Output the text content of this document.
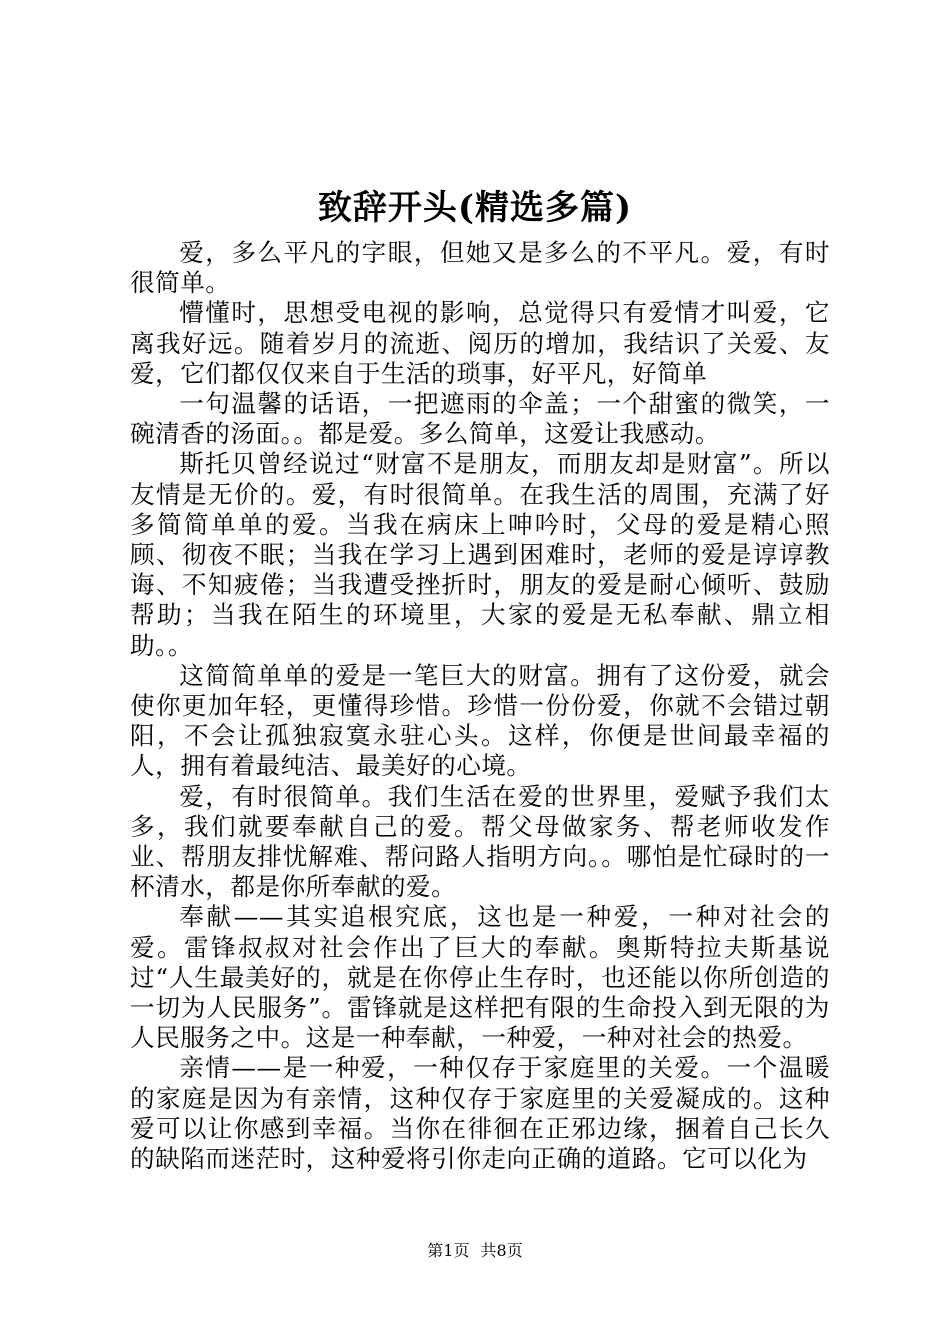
致辞开头(精选多篇)

爱，多么平凡的字眼，但她又是多么的不平凡。爱，有时很简单。

懵懂时，思想受电视的影响，总觉得只有爱情才叫爱，它离我好远。随着岁月的流逝、阅历的增加，我结识了关爱、友爱，它们都仅仅来自于生活的琐事，好平凡，好简单

一句温馨的话语，一把遮雨的伞盖；一个甜蜜的微笑，一碗清香的汤面。。都是爱。多么简单，这爱让我感动。

斯托贝曾经说过“财富不是朋友，而朋友却是财富”。所以友情是无价的。爱，有时很简单。在我生活的周围，充满了好多简简单单的爱。当我在病床上呻吟时，父母的爱是精心照顾、彻夜不眠；当我在学习上遇到困难时，老师的爱是谆谆教诲、不知疲倦；当我遭受挫折时，朋友的爱是耐心倾听、鼓励帮助；当我在陌生的环境里，大家的爱是无私奉献、鼎立相助。。

这简简单单的爱是一笔巨大的财富。拥有了这份爱，就会使你更加年轻，更懂得珍惜。珍惜一份份爱，你就不会错过朝阳，不会让孤独寂寞永驻心头。这样，你便是世间最幸福的人，拥有着最纯洁、最美好的心境。

爱，有时很简单。我们生活在爱的世界里，爱赋予我们太多，我们就要奉献自己的爱。帮父母做家务、帮老师收发作业、帮朋友排忧解难、帮问路人指明方向。。哪怕是忙碌时的一杯清水，都是你所奉献的爱。

奉献——其实追根究底，这也是一种爱，一种对社会的爱。雷锋叔叔对社会作出了巨大的奉献。奥斯特拉夫斯基说过“人生最美好的，就是在你停止生存时，也还能以你所创造的一切为人民服务”。雷锋就是这样把有限的生命投入到无限的为人民服务之中。这是一种奉献，一种爱，一种对社会的热爱。

亲情——是一种爱，一种仅存于家庭里的关爱。一个温暖的家庭是因为有亲情，这种仅存于家庭里的关爱凝成的。这种爱可以让你感到幸福。当你在徘徊在正邪边缘，捆着自己长久的缺陷而迷茫时，这种爱将引你走向正确的道路。它可以化为

第1页 共8页
